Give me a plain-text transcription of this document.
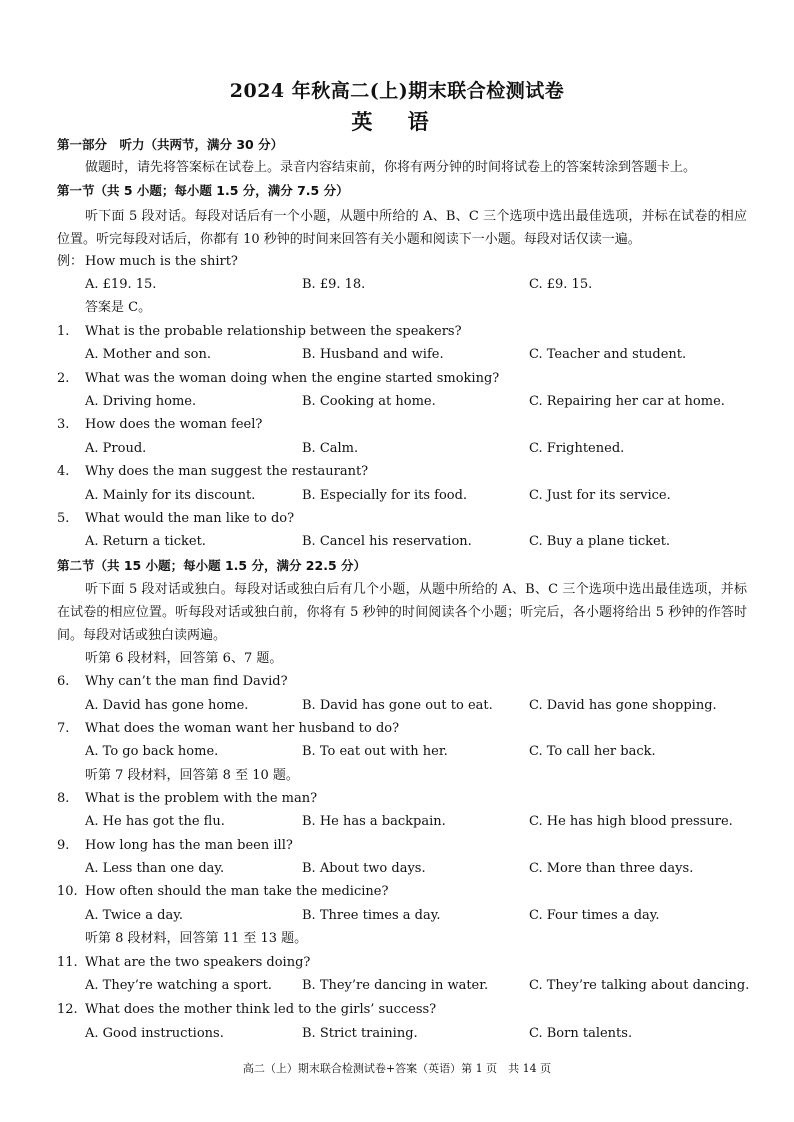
2024 年秋高二(上)期末联合检测试卷
英 语
第一部分　听力（共两节，满分 30 分）
做题时，请先将答案标在试卷上。录音内容结束前，你将有两分钟的时间将试卷上的答案转涂到答题卡上。
第一节（共 5 小题；每小题 1.5 分，满分 7.5 分）
听下面 5 段对话。每段对话后有一个小题，从题中所给的 A、B、C 三个选项中选出最佳选项，并标在试卷的相应位置。听完每段对话后，你都有 10 秒钟的时间来回答有关小题和阅读下一小题。每段对话仅读一遍。
例： How much is the shirt?
A. £19. 15.	B. £9. 18.	C. £9. 15.
答案是 C。
1. What is the probable relationship between the speakers?
A. Mother and son.	B. Husband and wife.	C. Teacher and student.
2. What was the woman doing when the engine started smoking?
A. Driving home.	B. Cooking at home.	C. Repairing her car at home.
3. How does the woman feel?
A. Proud.	B. Calm.	C. Frightened.
4. Why does the man suggest the restaurant?
A. Mainly for its discount.	B. Especially for its food.	C. Just for its service.
5. What would the man like to do?
A. Return a ticket.	B. Cancel his reservation.	C. Buy a plane ticket.
第二节（共 15 小题；每小题 1.5 分，满分 22.5 分）
听下面 5 段对话或独白。每段对话或独白后有几个小题，从题中所给的 A、B、C 三个选项中选出最佳选项，并标在试卷的相应位置。听每段对话或独白前，你将有 5 秒钟的时间阅读各个小题；听完后，各小题将给出 5 秒钟的作答时间。每段对话或独白读两遍。
听第 6 段材料，回答第 6、7 题。
6. Why can’t the man find David?
A. David has gone home.	B. David has gone out to eat.	C. David has gone shopping.
7. What does the woman want her husband to do?
A. To go back home.	B. To eat out with her.	C. To call her back.
听第 7 段材料，回答第 8 至 10 题。
8. What is the problem with the man?
A. He has got the flu.	B. He has a backpain.	C. He has high blood pressure.
9. How long has the man been ill?
A. Less than one day.	B. About two days.	C. More than three days.
10. How often should the man take the medicine?
A. Twice a day.	B. Three times a day.	C. Four times a day.
听第 8 段材料，回答第 11 至 13 题。
11. What are the two speakers doing?
A. They’re watching a sport. B. They’re dancing in water.	C. They’re talking about dancing.
12. What does the mother think led to the girls’ success?
A. Good instructions.	B. Strict training.	C. Born talents.
高二（上）期末联合检测试卷+答案（英语）第 1 页　共 14 页
